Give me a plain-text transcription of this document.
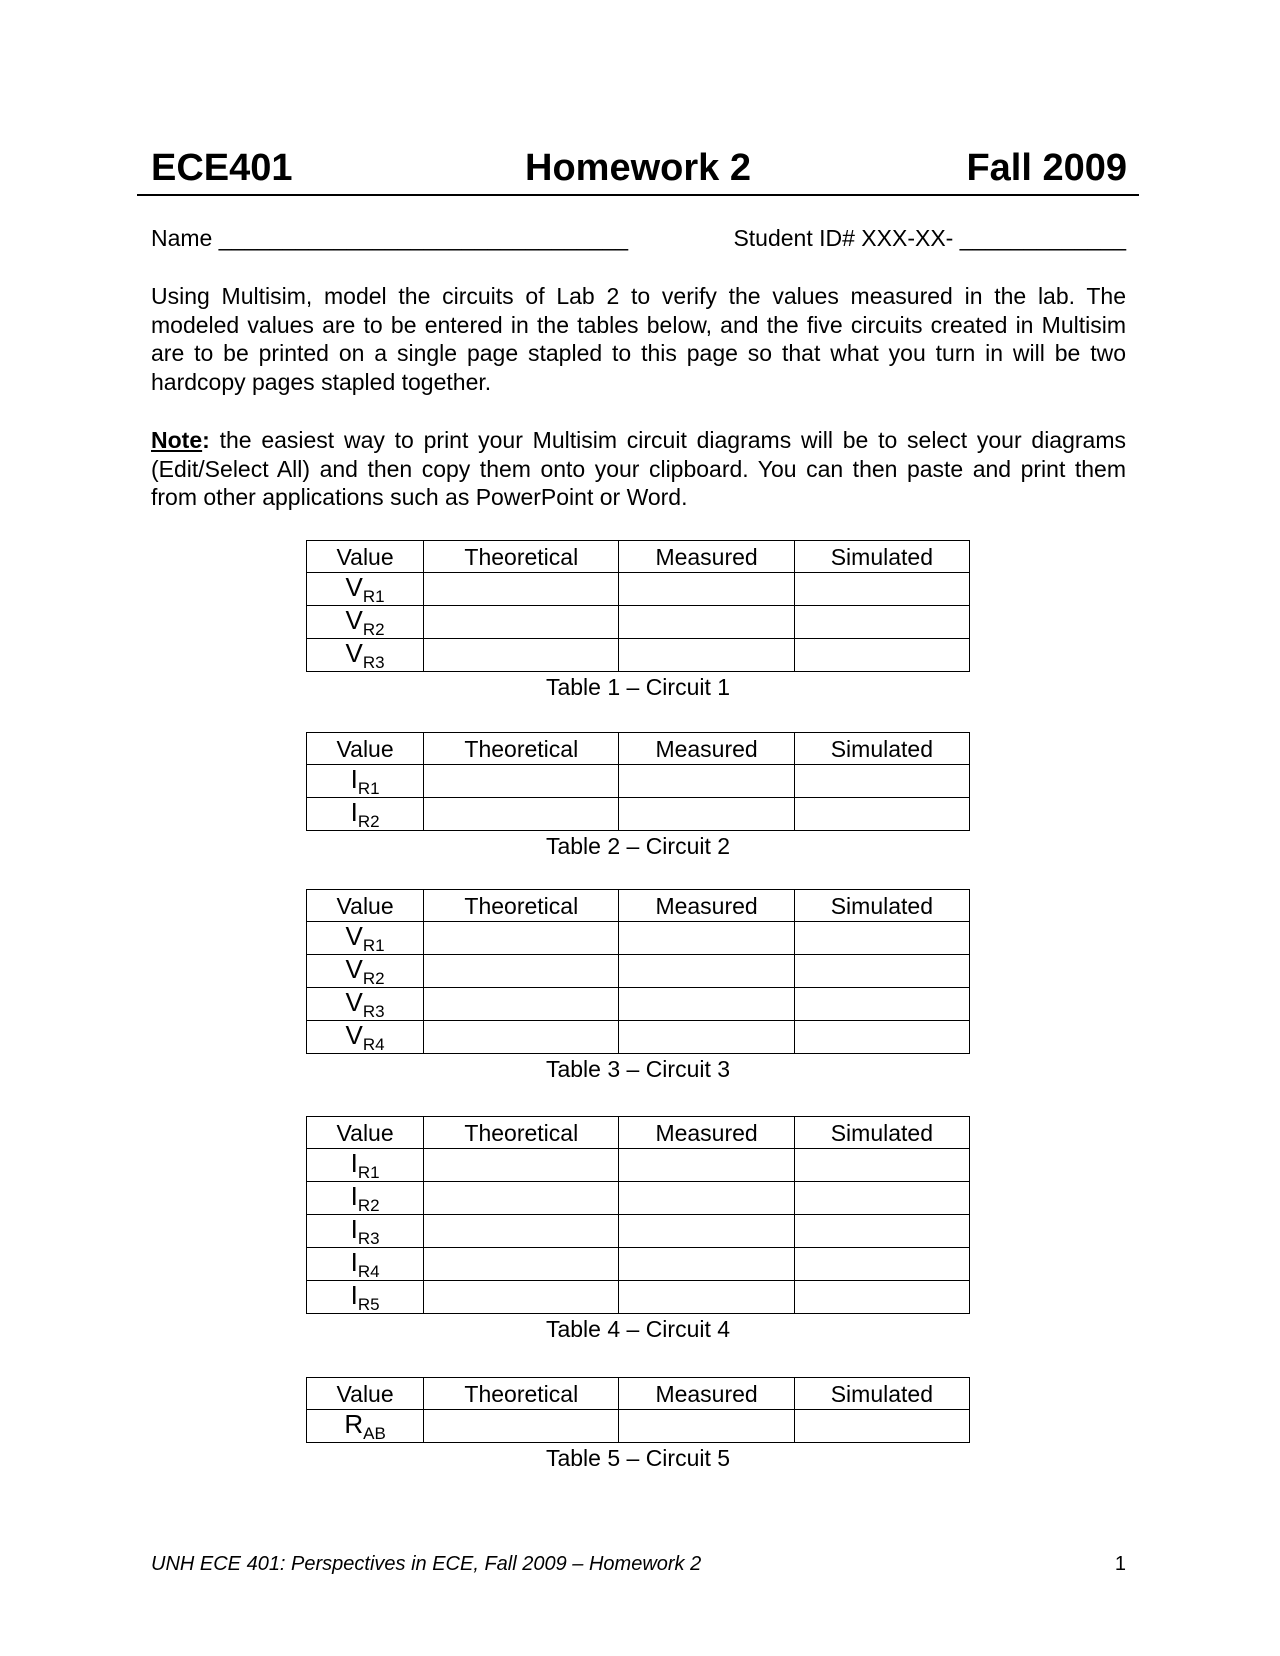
ECE401	Homework 2	Fall 2009
Name ________________________________	Student ID# XXX-XX- _____________
Using Multisim, model the circuits of Lab 2 to verify the values measured in the lab. The modeled values are to be entered in the tables below, and the five circuits created in Multisim are to be printed on a single page stapled to this page so that what you turn in will be two hardcopy pages stapled together.
Note: the easiest way to print your Multisim circuit diagrams will be to select your diagrams (Edit/Select All) and then copy them onto your clipboard. You can then paste and print them from other applications such as PowerPoint or Word.
Value	Theoretical	Measured	Simulated
$V_{R1}$			
$V_{R2}$			
$V_{R3}$			
Table 1 – Circuit 1
Value	Theoretical	Measured	Simulated
$I_{R1}$			
$I_{R2}$			
Table 2 – Circuit 2
Value	Theoretical	Measured	Simulated
$V_{R1}$			
$V_{R2}$			
$V_{R3}$			
$V_{R4}$			
Table 3 – Circuit 3
Value	Theoretical	Measured	Simulated
$I_{R1}$			
$I_{R2}$			
$I_{R3}$			
$I_{R4}$			
$I_{R5}$			
Table 4 – Circuit 4
Value	Theoretical	Measured	Simulated
$R_{AB}$			
Table 5 – Circuit 5
UNH ECE 401: Perspectives in ECE, Fall 2009 – Homework 2	1
